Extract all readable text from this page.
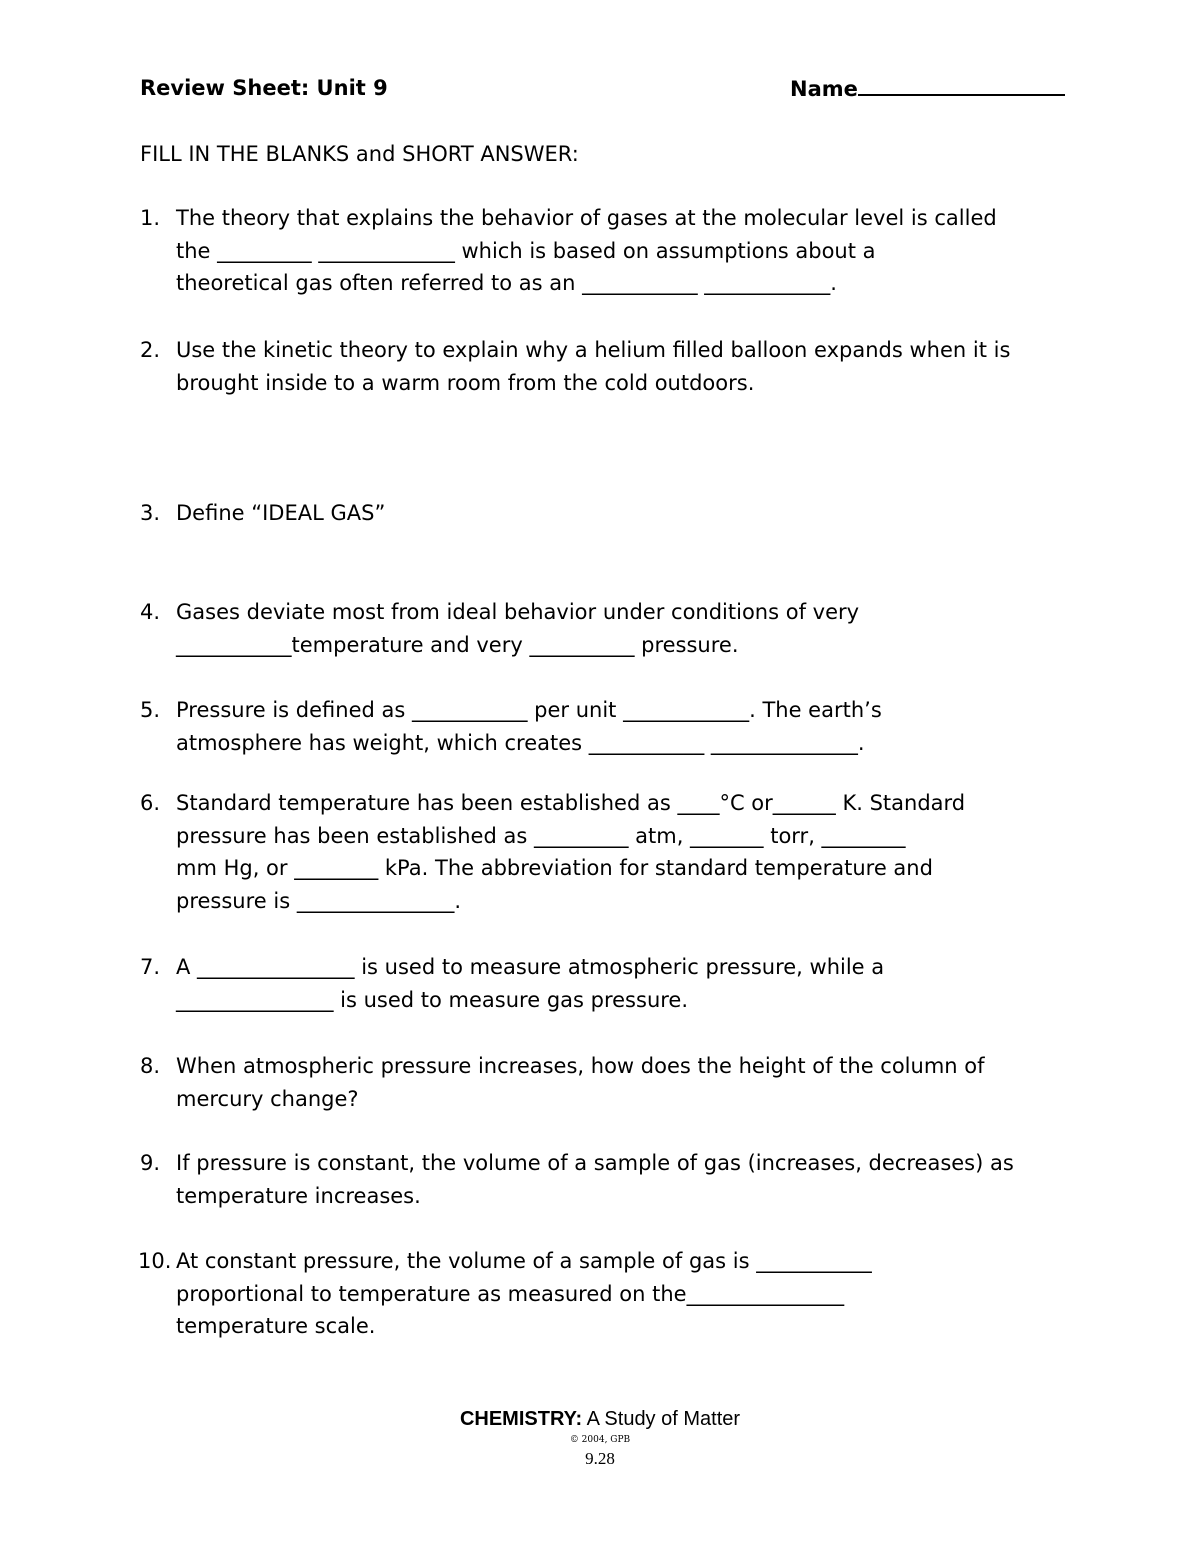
Review Sheet: Unit 9	Name
FILL IN THE BLANKS and SHORT ANSWER:
1. The theory that explains the behavior of gases at the molecular level is called
the _________ _____________ which is based on assumptions about a
theoretical gas often referred to as an ___________ ____________.
2. Use the kinetic theory to explain why a helium filled balloon expands when it is
brought inside to a warm room from the cold outdoors.
3. Define “IDEAL GAS”
4. Gases deviate most from ideal behavior under conditions of very
___________temperature and very __________ pressure.
5. Pressure is defined as ___________ per unit ____________. The earth’s
atmosphere has weight, which creates ___________ ______________.
6. Standard temperature has been established as ____°C or______ K. Standard
pressure has been established as _________ atm, _______ torr, ________
mm Hg, or ________ kPa. The abbreviation for standard temperature and
pressure is _______________.
7. A _______________ is used to measure atmospheric pressure, while a
_______________ is used to measure gas pressure.
8. When atmospheric pressure increases, how does the height of the column of
mercury change?
9. If pressure is constant, the volume of a sample of gas (increases, decreases) as
temperature increases.
10. At constant pressure, the volume of a sample of gas is ___________
proportional to temperature as measured on the_______________
temperature scale.
CHEMISTRY: A Study of Matter
© 2004, GPB
9.28
